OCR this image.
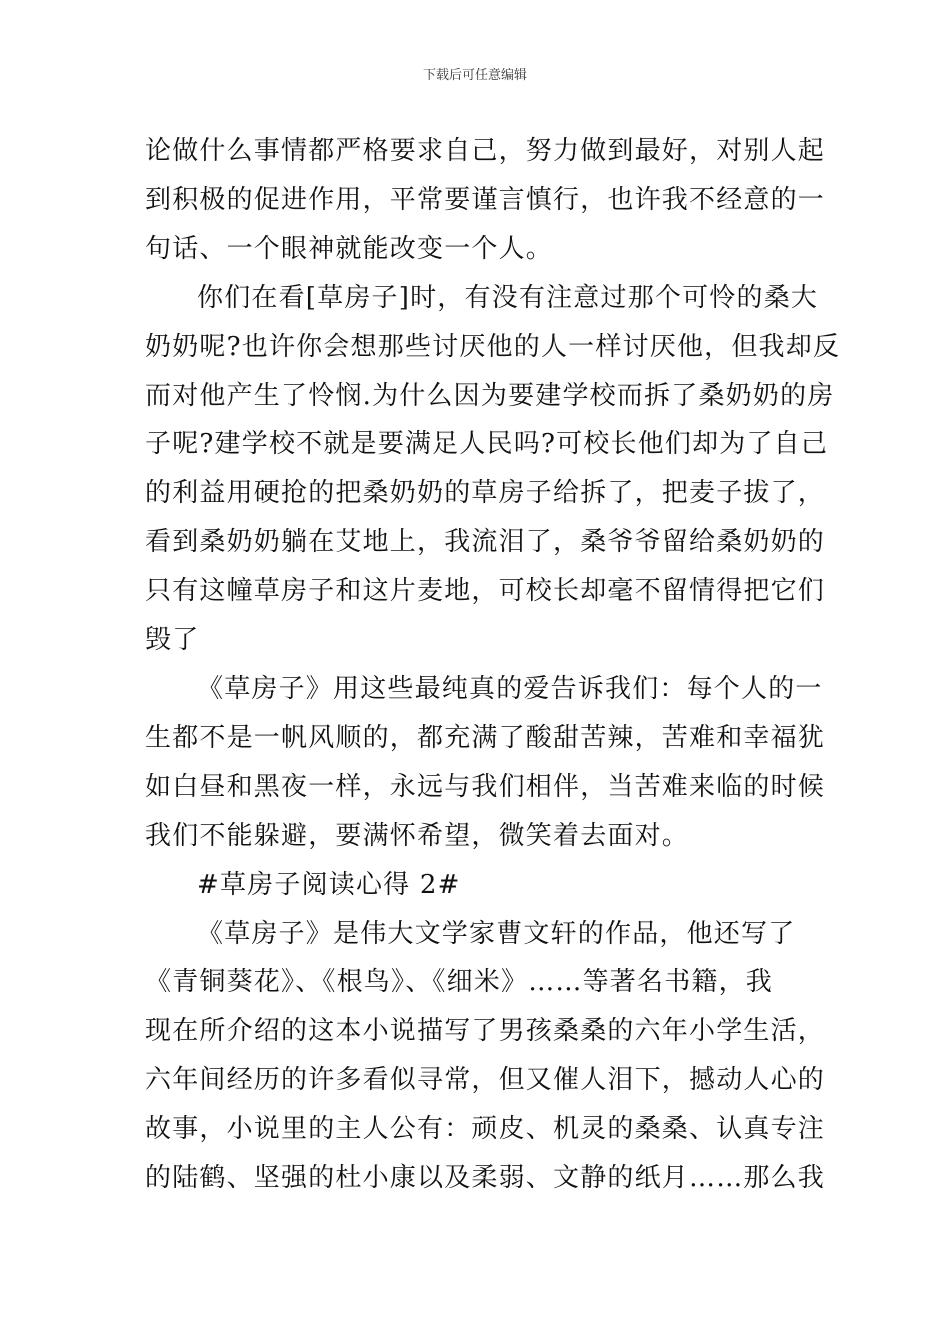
下载后可任意编辑

论做什么事情都严格要求自己，努力做到最好，对别人起

到积极的促进作用，平常要谨言慎行，也许我不经意的一

句话、一个眼神就能改变一个人。

你们在看[草房子]时，有没有注意过那个可怜的桑大

奶奶呢?也许你会想那些讨厌他的人一样讨厌他，但我却反

而对他产生了怜悯.为什么因为要建学校而拆了桑奶奶的房

子呢?建学校不就是要满足人民吗?可校长他们却为了自己

的利益用硬抢的把桑奶奶的草房子给拆了，把麦子拔了，

看到桑奶奶躺在艾地上，我流泪了，桑爷爷留给桑奶奶的

只有这幢草房子和这片麦地，可校长却毫不留情得把它们

毁了

《草房子》用这些最纯真的爱告诉我们：每个人的一

生都不是一帆风顺的，都充满了酸甜苦辣，苦难和幸福犹

如白昼和黑夜一样，永远与我们相伴，当苦难来临的时候

我们不能躲避，要满怀希望，微笑着去面对。

#草房子阅读心得 2#

《草房子》是伟大文学家曹文轩的作品，他还写了

《青铜葵花》、《根鸟》、《细米》……等著名书籍，我

现在所介绍的这本小说描写了男孩桑桑的六年小学生活，

六年间经历的许多看似寻常，但又催人泪下，撼动人心的

故事，小说里的主人公有：顽皮、机灵的桑桑、认真专注

的陆鹤、坚强的杜小康以及柔弱、文静的纸月……那么我
